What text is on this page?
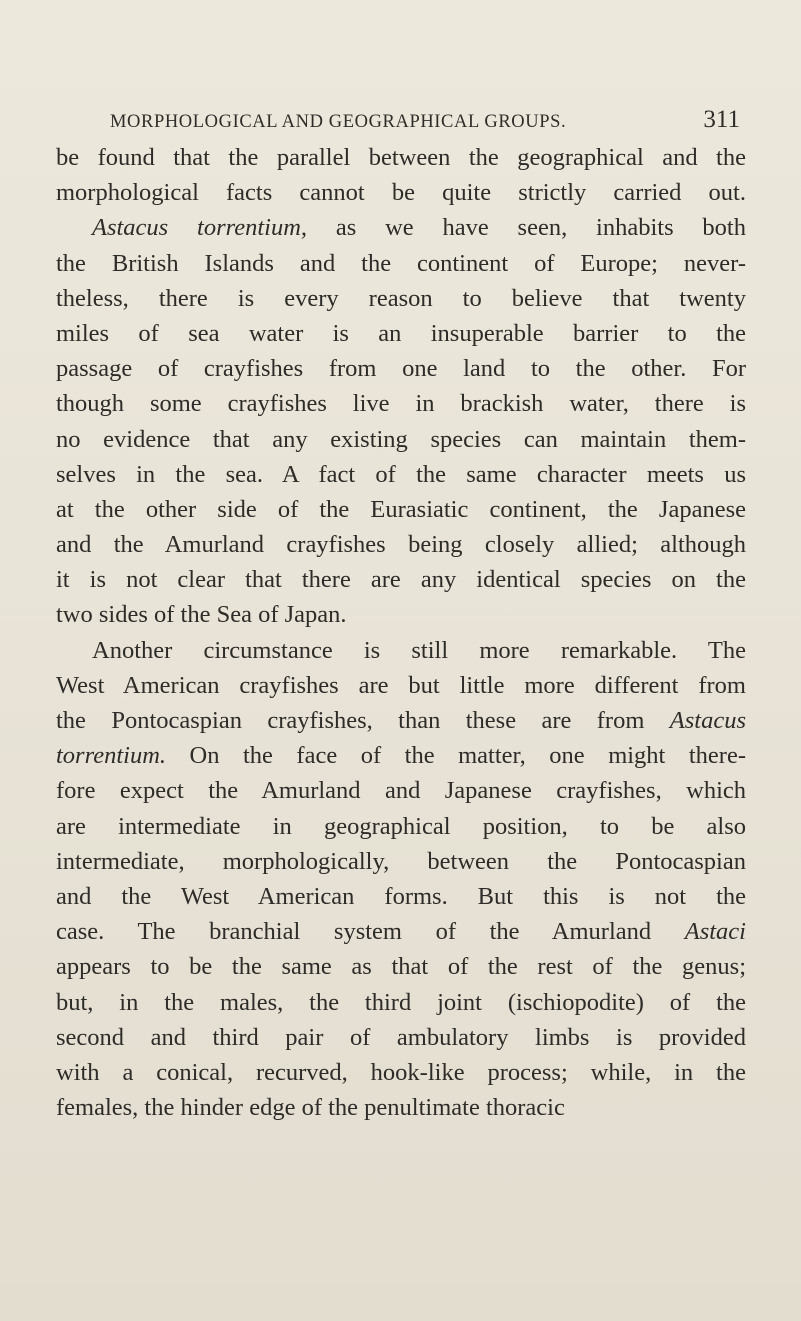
MORPHOLOGICAL AND GEOGRAPHICAL GROUPS.	311
be found that the parallel between the geographical and the
morphological facts cannot be quite strictly carried out.
Astacus torrentium, as we have seen, inhabits both
the British Islands and the continent of Europe; never-
theless, there is every reason to believe that twenty
miles of sea water is an insuperable barrier to the
passage of crayfishes from one land to the other. For
though some crayfishes live in brackish water, there is
no evidence that any existing species can maintain them-
selves in the sea. A fact of the same character meets us
at the other side of the Eurasiatic continent, the Japanese
and the Amurland crayfishes being closely allied; although
it is not clear that there are any identical species on the
two sides of the Sea of Japan.
Another circumstance is still more remarkable. The
West American crayfishes are but little more different from
the Pontocaspian crayfishes, than these are from Astacus
torrentium. On the face of the matter, one might there-
fore expect the Amurland and Japanese crayfishes, which
are intermediate in geographical position, to be also
intermediate, morphologically, between the Pontocaspian
and the West American forms. But this is not the
case. The branchial system of the Amurland Astaci
appears to be the same as that of the rest of the genus;
but, in the males, the third joint (ischiopodite) of the
second and third pair of ambulatory limbs is provided
with a conical, recurved, hook-like process; while, in the
females, the hinder edge of the penultimate thoracic
